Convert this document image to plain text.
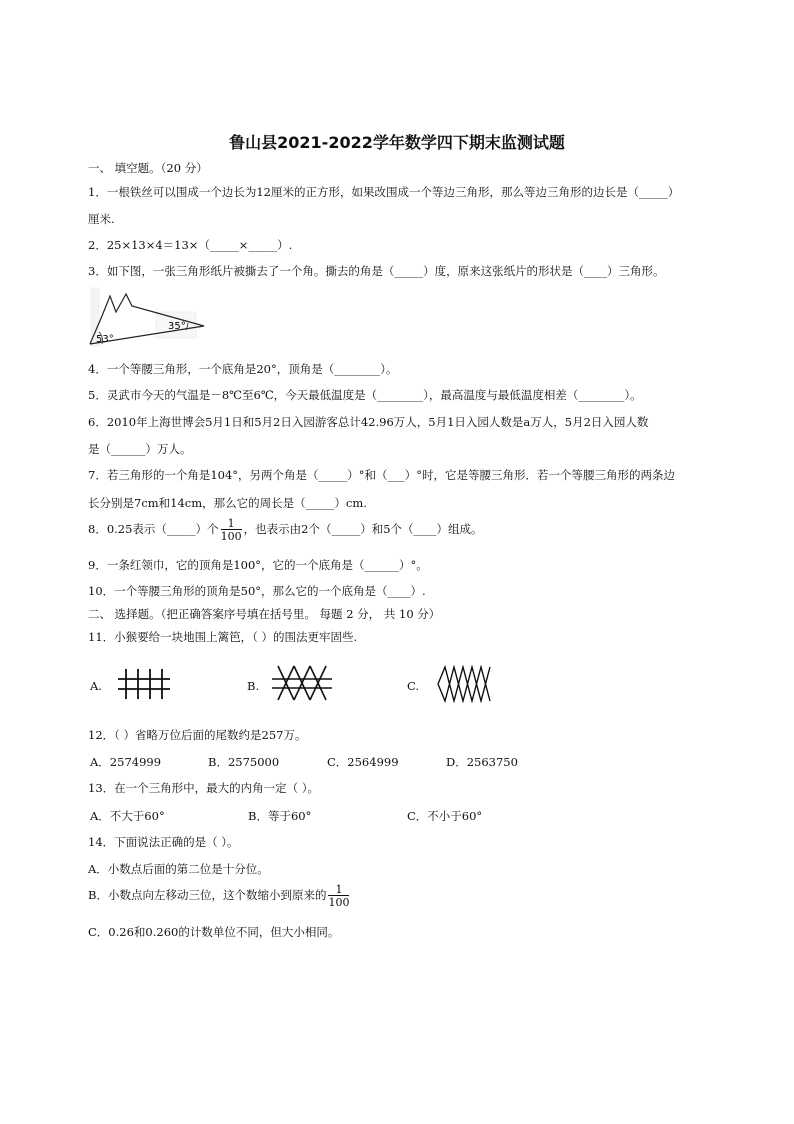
鲁山县2021-2022学年数学四下期末监测试题
一、 填空题。（20 分）
1．一根铁丝可以围成一个边长为12厘米的正方形，如果改围成一个等边三角形，那么等边三角形的边长是（_____）
厘米.
2．25×13×4＝13×（_____×_____）.
3．如下图，一张三角形纸片被撕去了一个角。撕去的角是（_____）度，原来这张纸片的形状是（____）三角形。
53°
35°
4．一个等腰三角形，一个底角是20°，顶角是（________）。
5．灵武市今天的气温是－8℃至6℃，今天最低温度是（________），最高温度与最低温度相差（________）。
6．2010年上海世博会5月1日和5月2日入园游客总计42.96万人，5月1日入园人数是a万人，5月2日入园人数
是（______）万人。
7．若三角形的一个角是104°，另两个角是（_____）°和（___）°时，它是等腰三角形．若一个等腰三角形的两条边
长分别是7cm和14cm，那么它的周长是（_____）cm.
8．0.25表示（_____）个 $\frac{1}{100}$ ，也表示由2个（_____）和5个（____）组成。
9．一条红领巾，它的顶角是100°，它的一个底角是（______）°。
10．一个等腰三角形的顶角是50°，那么它的一个底角是（____）.
二、 选择题。（把正确答案序号填在括号里。 每题 2 分， 共 10 分）
11．小猴要给一块地围上篱笆，（ ）的围法更牢固些.
A.	B.	C.
12．（ ）省略万位后面的尾数约是257万。
A．2574999	B．2575000	C．2564999	D．2563750
13．在一个三角形中，最大的内角一定（ ）。
A．不大于60°	B．等于60°	C．不小于60°
14．下面说法正确的是（ ）。
A．小数点后面的第二位是十分位。
B．小数点向左移动三位，这个数缩小到原来的 $\frac{1}{100}$
C．0.26和0.260的计数单位不同，但大小相同。
